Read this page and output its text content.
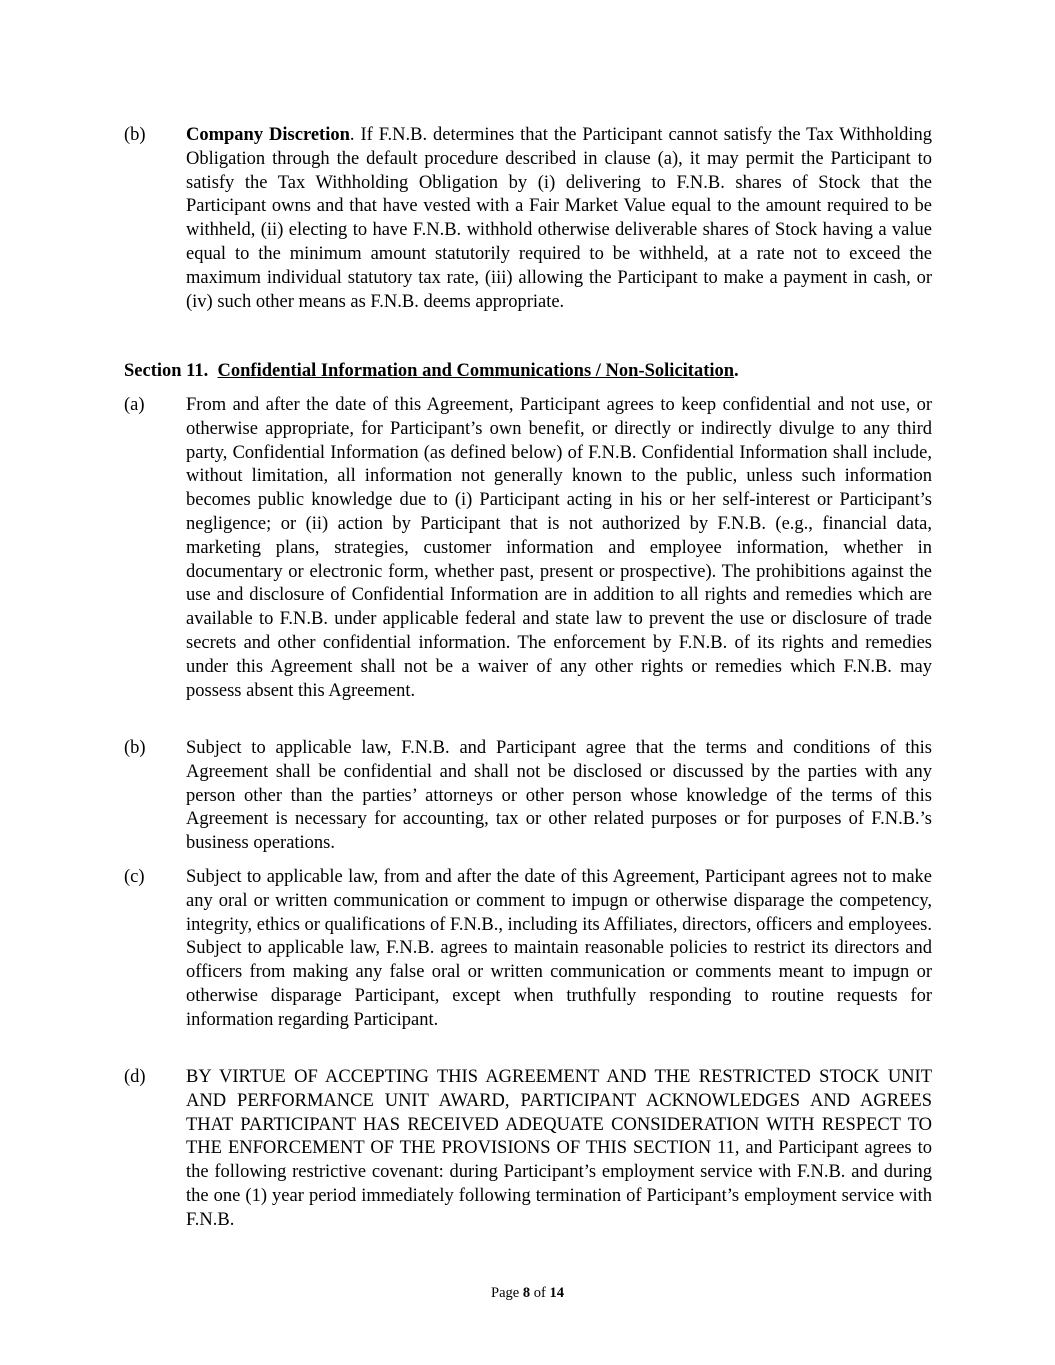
(b) Company Discretion. If F.N.B. determines that the Participant cannot satisfy the Tax Withholding Obligation through the default procedure described in clause (a), it may permit the Participant to satisfy the Tax Withholding Obligation by (i) delivering to F.N.B. shares of Stock that the Participant owns and that have vested with a Fair Market Value equal to the amount required to be withheld, (ii) electing to have F.N.B. withhold otherwise deliverable shares of Stock having a value equal to the minimum amount statutorily required to be withheld, at a rate not to exceed the maximum individual statutory tax rate, (iii) allowing the Participant to make a payment in cash, or (iv) such other means as F.N.B. deems appropriate.
Section 11. Confidential Information and Communications / Non-Solicitation.
(a) From and after the date of this Agreement, Participant agrees to keep confidential and not use, or otherwise appropriate, for Participant’s own benefit, or directly or indirectly divulge to any third party, Confidential Information (as defined below) of F.N.B. Confidential Information shall include, without limitation, all information not generally known to the public, unless such information becomes public knowledge due to (i) Participant acting in his or her self-interest or Participant’s negligence; or (ii) action by Participant that is not authorized by F.N.B. (e.g., financial data, marketing plans, strategies, customer information and employee information, whether in documentary or electronic form, whether past, present or prospective). The prohibitions against the use and disclosure of Confidential Information are in addition to all rights and remedies which are available to F.N.B. under applicable federal and state law to prevent the use or disclosure of trade secrets and other confidential information. The enforcement by F.N.B. of its rights and remedies under this Agreement shall not be a waiver of any other rights or remedies which F.N.B. may possess absent this Agreement.
(b) Subject to applicable law, F.N.B. and Participant agree that the terms and conditions of this Agreement shall be confidential and shall not be disclosed or discussed by the parties with any person other than the parties’ attorneys or other person whose knowledge of the terms of this Agreement is necessary for accounting, tax or other related purposes or for purposes of F.N.B.’s business operations.
(c) Subject to applicable law, from and after the date of this Agreement, Participant agrees not to make any oral or written communication or comment to impugn or otherwise disparage the competency, integrity, ethics or qualifications of F.N.B., including its Affiliates, directors, officers and employees. Subject to applicable law, F.N.B. agrees to maintain reasonable policies to restrict its directors and officers from making any false oral or written communication or comments meant to impugn or otherwise disparage Participant, except when truthfully responding to routine requests for information regarding Participant.
(d) BY VIRTUE OF ACCEPTING THIS AGREEMENT AND THE RESTRICTED STOCK UNIT AND PERFORMANCE UNIT AWARD, PARTICIPANT ACKNOWLEDGES AND AGREES THAT PARTICIPANT HAS RECEIVED ADEQUATE CONSIDERATION WITH RESPECT TO THE ENFORCEMENT OF THE PROVISIONS OF THIS SECTION 11, and Participant agrees to the following restrictive covenant: during Participant’s employment service with F.N.B. and during the one (1) year period immediately following termination of Participant’s employment service with F.N.B.
Page 8 of 14
